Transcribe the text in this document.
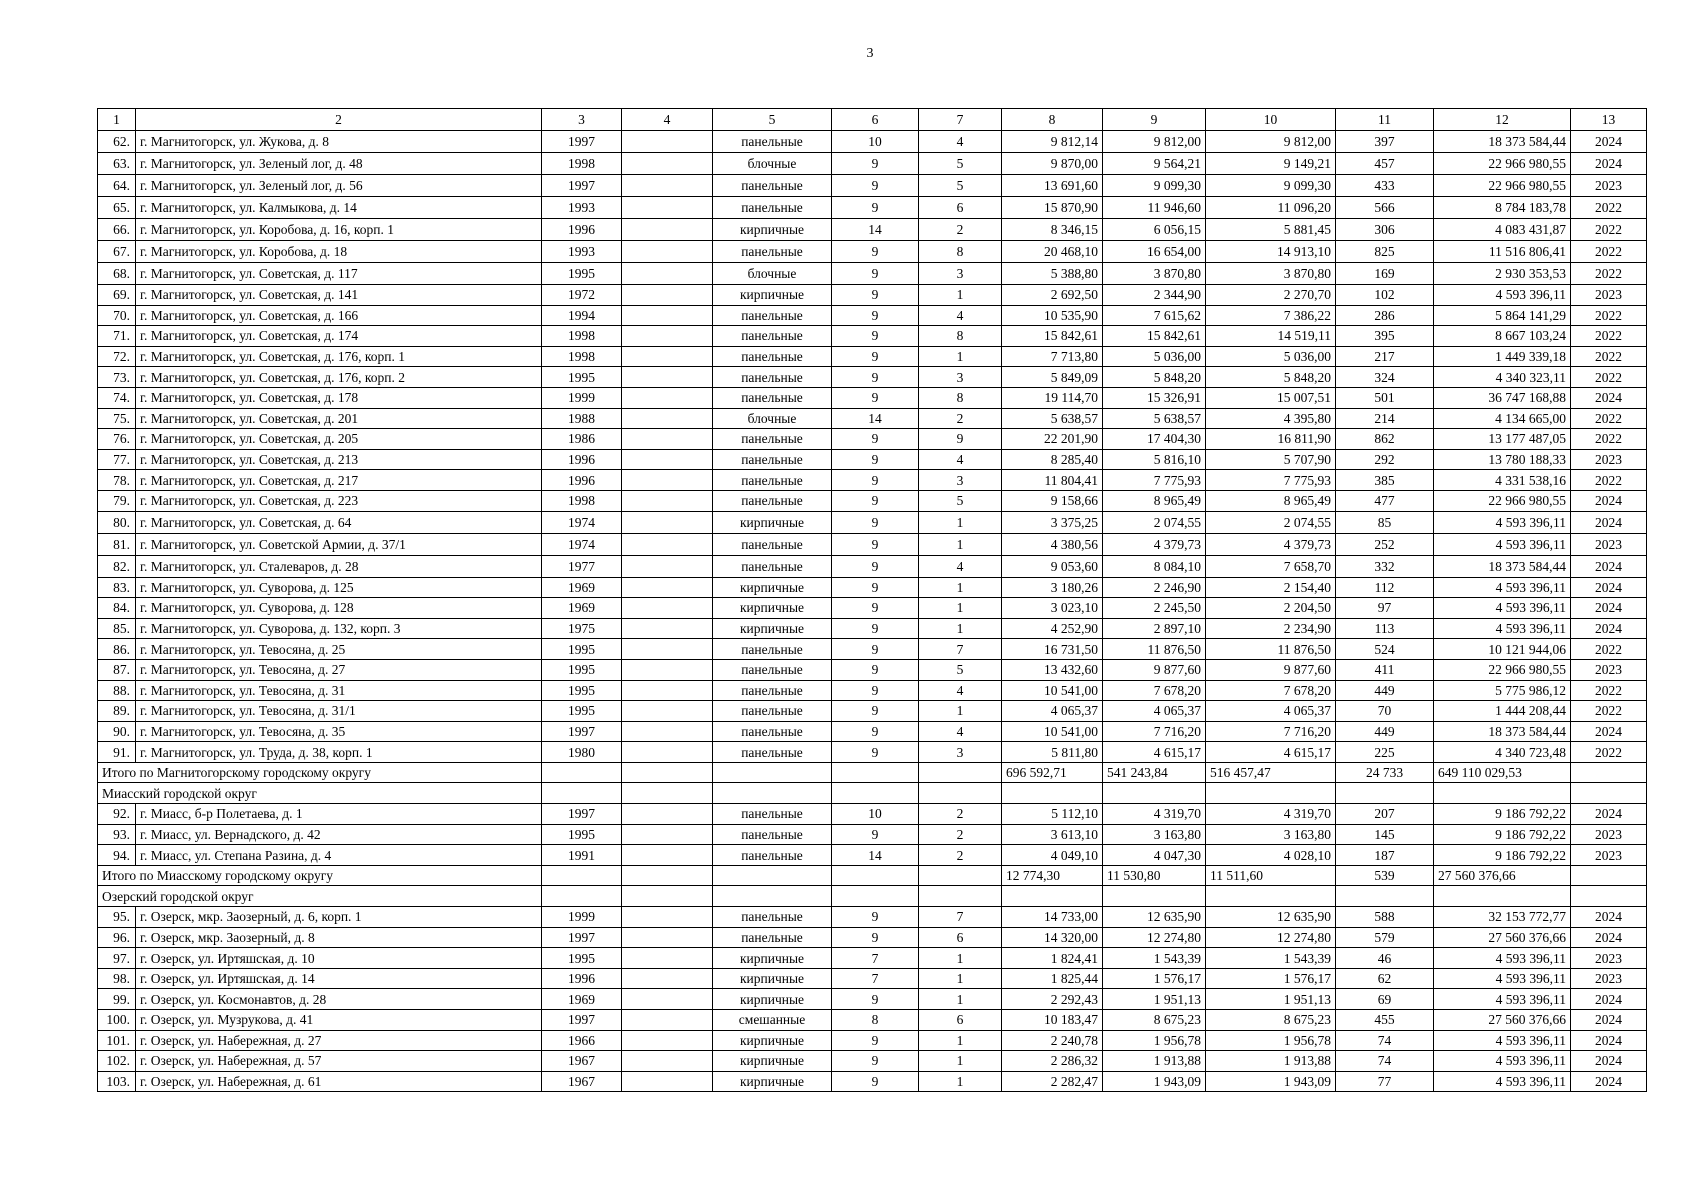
3
1	2	3	4	5	6	7	8	9	10	11	12	13
62.	г. Магнитогорск, ул. Жукова, д. 8	1997		панельные	10	4	9 812,14	9 812,00	9 812,00	397	18 373 584,44	2024
63.	г. Магнитогорск, ул. Зеленый лог, д. 48	1998		блочные	9	5	9 870,00	9 564,21	9 149,21	457	22 966 980,55	2024
64.	г. Магнитогорск, ул. Зеленый лог, д. 56	1997		панельные	9	5	13 691,60	9 099,30	9 099,30	433	22 966 980,55	2023
65.	г. Магнитогорск, ул. Калмыкова, д. 14	1993		панельные	9	6	15 870,90	11 946,60	11 096,20	566	8 784 183,78	2022
66.	г. Магнитогорск, ул. Коробова, д. 16, корп. 1	1996		кирпичные	14	2	8 346,15	6 056,15	5 881,45	306	4 083 431,87	2022
67.	г. Магнитогорск, ул. Коробова, д. 18	1993		панельные	9	8	20 468,10	16 654,00	14 913,10	825	11 516 806,41	2022
68.	г. Магнитогорск, ул. Советская, д. 117	1995		блочные	9	3	5 388,80	3 870,80	3 870,80	169	2 930 353,53	2022
69.	г. Магнитогорск, ул. Советская, д. 141	1972		кирпичные	9	1	2 692,50	2 344,90	2 270,70	102	4 593 396,11	2023
70.	г. Магнитогорск, ул. Советская, д. 166	1994		панельные	9	4	10 535,90	7 615,62	7 386,22	286	5 864 141,29	2022
71.	г. Магнитогорск, ул. Советская, д. 174	1998		панельные	9	8	15 842,61	15 842,61	14 519,11	395	8 667 103,24	2022
72.	г. Магнитогорск, ул. Советская, д. 176, корп. 1	1998		панельные	9	1	7 713,80	5 036,00	5 036,00	217	1 449 339,18	2022
73.	г. Магнитогорск, ул. Советская, д. 176, корп. 2	1995		панельные	9	3	5 849,09	5 848,20	5 848,20	324	4 340 323,11	2022
74.	г. Магнитогорск, ул. Советская, д. 178	1999		панельные	9	8	19 114,70	15 326,91	15 007,51	501	36 747 168,88	2024
75.	г. Магнитогорск, ул. Советская, д. 201	1988		блочные	14	2	5 638,57	5 638,57	4 395,80	214	4 134 665,00	2022
76.	г. Магнитогорск, ул. Советская, д. 205	1986		панельные	9	9	22 201,90	17 404,30	16 811,90	862	13 177 487,05	2022
77.	г. Магнитогорск, ул. Советская, д. 213	1996		панельные	9	4	8 285,40	5 816,10	5 707,90	292	13 780 188,33	2023
78.	г. Магнитогорск, ул. Советская, д. 217	1996		панельные	9	3	11 804,41	7 775,93	7 775,93	385	4 331 538,16	2022
79.	г. Магнитогорск, ул. Советская, д. 223	1998		панельные	9	5	9 158,66	8 965,49	8 965,49	477	22 966 980,55	2024
80.	г. Магнитогорск, ул. Советская, д. 64	1974		кирпичные	9	1	3 375,25	2 074,55	2 074,55	85	4 593 396,11	2024
81.	г. Магнитогорск, ул. Советской Армии, д. 37/1	1974		панельные	9	1	4 380,56	4 379,73	4 379,73	252	4 593 396,11	2023
82.	г. Магнитогорск, ул. Сталеваров, д. 28	1977		панельные	9	4	9 053,60	8 084,10	7 658,70	332	18 373 584,44	2024
83.	г. Магнитогорск, ул. Суворова, д. 125	1969		кирпичные	9	1	3 180,26	2 246,90	2 154,40	112	4 593 396,11	2024
84.	г. Магнитогорск, ул. Суворова, д. 128	1969		кирпичные	9	1	3 023,10	2 245,50	2 204,50	97	4 593 396,11	2024
85.	г. Магнитогорск, ул. Суворова, д. 132, корп. 3	1975		кирпичные	9	1	4 252,90	2 897,10	2 234,90	113	4 593 396,11	2024
86.	г. Магнитогорск, ул. Тевосяна, д. 25	1995		панельные	9	7	16 731,50	11 876,50	11 876,50	524	10 121 944,06	2022
87.	г. Магнитогорск, ул. Тевосяна, д. 27	1995		панельные	9	5	13 432,60	9 877,60	9 877,60	411	22 966 980,55	2023
88.	г. Магнитогорск, ул. Тевосяна, д. 31	1995		панельные	9	4	10 541,00	7 678,20	7 678,20	449	5 775 986,12	2022
89.	г. Магнитогорск, ул. Тевосяна, д. 31/1	1995		панельные	9	1	4 065,37	4 065,37	4 065,37	70	1 444 208,44	2022
90.	г. Магнитогорск, ул. Тевосяна, д. 35	1997		панельные	9	4	10 541,00	7 716,20	7 716,20	449	18 373 584,44	2024
91.	г. Магнитогорск, ул. Труда, д. 38, корп. 1	1980		панельные	9	3	5 811,80	4 615,17	4 615,17	225	4 340 723,48	2022
Итого по Магнитогорскому городскому округу							696 592,71	541 243,84	516 457,47	24 733	649 110 029,53	
Миасский городской округ												
92.	г. Миасс, б-р Полетаева, д. 1	1997		панельные	10	2	5 112,10	4 319,70	4 319,70	207	9 186 792,22	2024
93.	г. Миасс, ул. Вернадского, д. 42	1995		панельные	9	2	3 613,10	3 163,80	3 163,80	145	9 186 792,22	2023
94.	г. Миасс, ул. Степана Разина, д. 4	1991		панельные	14	2	4 049,10	4 047,30	4 028,10	187	9 186 792,22	2023
Итого по Миасскому городскому округу							12 774,30	11 530,80	11 511,60	539	27 560 376,66	
Озерский городской округ												
95.	г. Озерск, мкр. Заозерный, д. 6, корп. 1	1999		панельные	9	7	14 733,00	12 635,90	12 635,90	588	32 153 772,77	2024
96.	г. Озерск, мкр. Заозерный, д. 8	1997		панельные	9	6	14 320,00	12 274,80	12 274,80	579	27 560 376,66	2024
97.	г. Озерск, ул. Иртяшская, д. 10	1995		кирпичные	7	1	1 824,41	1 543,39	1 543,39	46	4 593 396,11	2023
98.	г. Озерск, ул. Иртяшская, д. 14	1996		кирпичные	7	1	1 825,44	1 576,17	1 576,17	62	4 593 396,11	2023
99.	г. Озерск, ул. Космонавтов, д. 28	1969		кирпичные	9	1	2 292,43	1 951,13	1 951,13	69	4 593 396,11	2024
100.	г. Озерск, ул. Музрукова, д. 41	1997		смешанные	8	6	10 183,47	8 675,23	8 675,23	455	27 560 376,66	2024
101.	г. Озерск, ул. Набережная, д. 27	1966		кирпичные	9	1	2 240,78	1 956,78	1 956,78	74	4 593 396,11	2024
102.	г. Озерск, ул. Набережная, д. 57	1967		кирпичные	9	1	2 286,32	1 913,88	1 913,88	74	4 593 396,11	2024
103.	г. Озерск, ул. Набережная, д. 61	1967		кирпичные	9	1	2 282,47	1 943,09	1 943,09	77	4 593 396,11	2024
